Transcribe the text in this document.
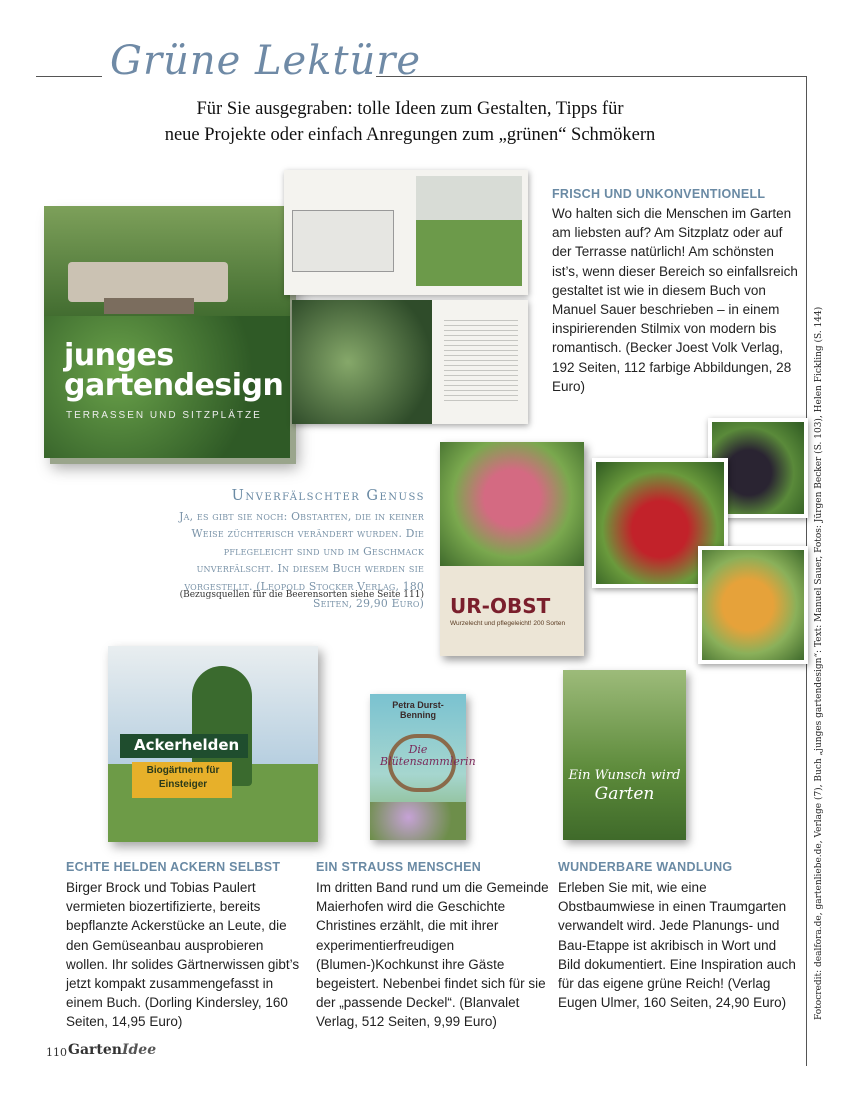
Grüne Lektüre
Für Sie ausgegraben: tolle Ideen zum Gestalten, Tipps für
neue Projekte oder einfach Anregungen zum „grünen“ Schmökern
junges
gartendesign
TERRASSEN UND SITZPLÄTZE
FRISCH UND UNKONVENTIONELL
Wo halten sich die Menschen im Garten am liebsten auf? Am Sitzplatz oder auf der Terrasse natürlich! Am schönsten ist’s, wenn dieser Bereich so einfallsreich gestaltet ist wie in diesem Buch von Manuel Sauer beschrieben – in einem inspirierenden Stilmix von modern bis romantisch. (Becker Joest Volk Verlag, 192 Seiten, 112 farbige Abbildungen, 28 Euro)
Unverfälschter Genuss
Ja, es gibt sie noch: Obstarten, die in keiner Weise züchterisch verändert wurden. Die pflegeleicht sind und im Geschmack unverfälscht. In diesem Buch werden sie vorgestellt. (Leopold Stocker Verlag, 180 Seiten, 29,90 Euro)
(Bezugsquellen für die Beerensorten siehe Seite 111) UR-OBST
Wurzelecht und pflegeleicht! 200 Sorten
Ackerhelden
Biogärtnern für Einsteiger
ECHTE HELDEN ACKERN SELBST
Birger Brock und Tobias Paulert vermieten biozertifizierte, bereits bepflanzte Ackerstücke an Leute, die den Gemüseanbau ausprobieren wollen. Ihr solides Gärtnerwissen gibt’s jetzt kompakt zusammengefasst in einem Buch. (Dorling Kindersley, 160 Seiten, 14,95 Euro)
Petra Durst-Benning
Die Blütensammlerin
EIN STRAUSS MENSCHEN
Im dritten Band rund um die Gemeinde Maierhofen wird die Geschichte Christines erzählt, die mit ihrer experimentierfreudigen (Blumen-)Kochkunst ihre Gäste begeistert. Nebenbei findet sich für sie der „passende Deckel“. (Blanvalet Verlag, 512 Seiten, 9,99 Euro)
Ein Wunsch wird
Garten
WUNDERBARE WANDLUNG
Erleben Sie mit, wie eine Obstbaumwiese in einen Traumgarten verwandelt wird. Jede Planungs- und Bau-Etappe ist akribisch in Wort und Bild dokumentiert. Eine Inspiration auch für das eigene grüne Reich! (Verlag Eugen Ulmer, 160 Seiten, 24,90 Euro)	Fotocredit: dealfora.de, gartenliebe.de, Verlage (7), Buch „junges gartendesign“: Text: Manuel Sauer, Fotos: Jürgen Becker (S. 103), Helen Fickling (S. 144)
110 GartenIdee
